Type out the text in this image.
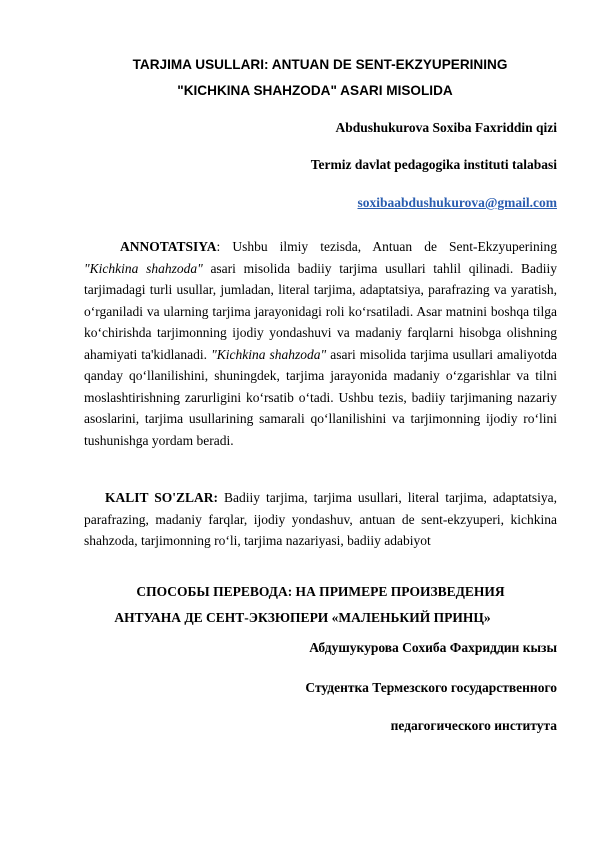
TARJIMA USULLARI: ANTUAN DE SENT-EKZYUPERINING
"KICHKINA SHAHZODA" ASARI MISOLIDA
Abdushukurova Soxiba Faxriddin qizi
Termiz davlat pedagogika instituti talabasi
soxibaabdushukurova@gmail.com
ANNOTATSIYA: Ushbu ilmiy tezisda, Antuan de Sent-Ekzyuperining "Kichkina shahzoda" asari misolida badiiy tarjima usullari tahlil qilinadi. Badiiy tarjimadagi turli usullar, jumladan, literal tarjima, adaptatsiya, parafrazing va yaratish, o‘rganiladi va ularning tarjima jarayonidagi roli ko‘rsatiladi. Asar matnini boshqa tilga ko‘chirishda tarjimonning ijodiy yondashuvi va madaniy farqlarni hisobga olishning ahamiyati ta'kidlanadi. "Kichkina shahzoda" asari misolida tarjima usullari amaliyotda qanday qo‘llanilishini, shuningdek, tarjima jarayonida madaniy o‘zgarishlar va tilni moslashtirishning zarurligini ko‘rsatib o‘tadi. Ushbu tezis, badiiy tarjimaning nazariy asoslarini, tarjima usullarining samarali qo‘llanilishini va tarjimonning ijodiy ro‘lini tushunishga yordam beradi.
KALIT SO'ZLAR: Badiiy tarjima, tarjima usullari, literal tarjima, adaptatsiya, parafrazing, madaniy farqlar, ijodiy yondashuv, antuan de sent-ekzyuperi, kichkina shahzoda, tarjimonning ro‘li, tarjima nazariyasi, badiiy adabiyot
СПОСОБЫ ПЕРЕВОДА: НА ПРИМЕРЕ ПРОИЗВЕДЕНИЯ
АНТУАНА ДЕ СЕНТ-ЭКЗЮПЕРИ «МАЛЕНЬКИЙ ПРИНЦ»
Абдушукурова Сохиба Фахриддин кызы
Студентка Термезского государственного
педагогического института
